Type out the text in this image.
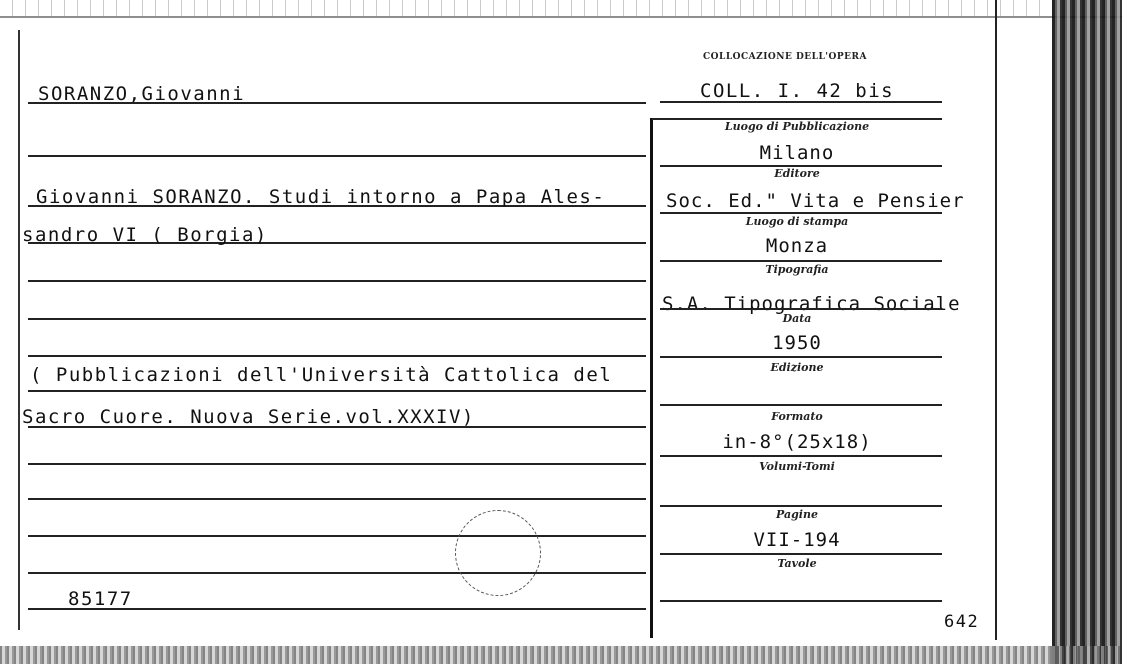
COLLOCAZIONE DELL'OPERA
COLL. I. 42 bis
SORANZO,Giovanni
Giovanni SORANZO. Studi intorno a Papa Ales-
sandro VI ( Borgia)
( Pubblicazioni dell'Università Cattolica del
Sacro Cuore. Nuova Serie.vol.XXXIV)
85177
Luogo di Pubblicazione
Milano
Editore
Soc. Ed." Vita e Pensier
Luogo di stampa
Monza
Tipografia
S.A. Tipografica Sociale
Data
1950
Edizione
Formato
in-8°(25x18)
Volumi-Tomi
Pagine
VII-194
Tavole
642
